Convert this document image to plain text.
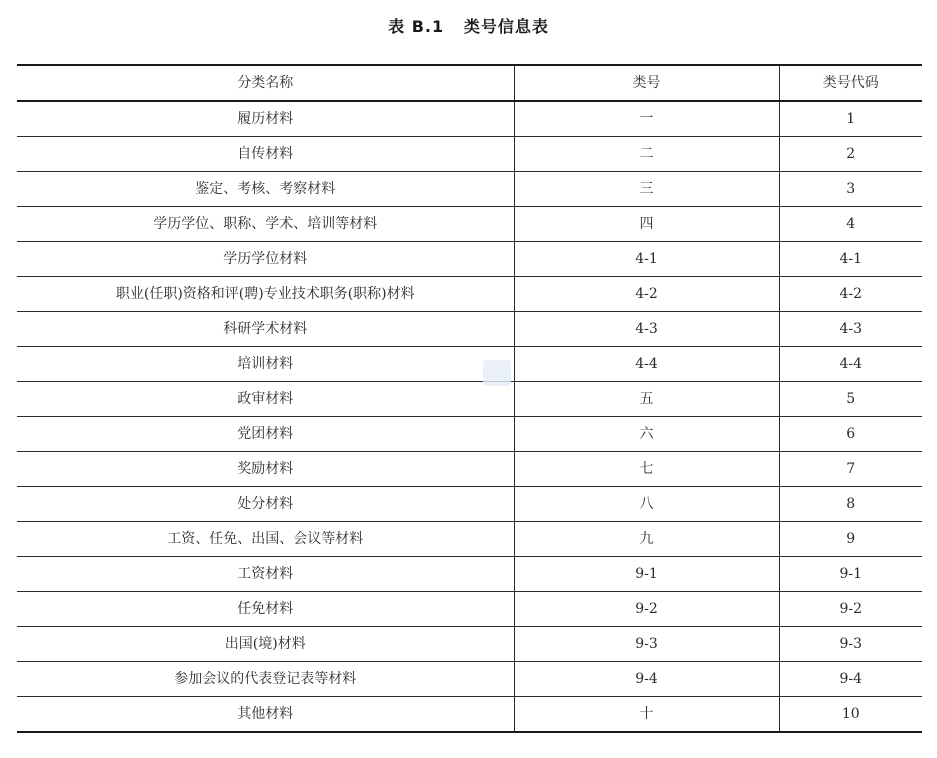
表 B.1   类号信息表
分类名称	类号	类号代码
履历材料	一	1
自传材料	二	2
鉴定、考核、考察材料	三	3
学历学位、职称、学术、培训等材料	四	4
学历学位材料	4-1	4-1
职业(任职)资格和评(聘)专业技术职务(职称)材料	4-2	4-2
科研学术材料	4-3	4-3
培训材料	4-4	4-4
政审材料	五	5
党团材料	六	6
奖励材料	七	7
处分材料	八	8
工资、任免、出国、会议等材料	九	9
工资材料	9-1	9-1
任免材料	9-2	9-2
出国(境)材料	9-3	9-3
参加会议的代表登记表等材料	9-4	9-4
其他材料	十	10
